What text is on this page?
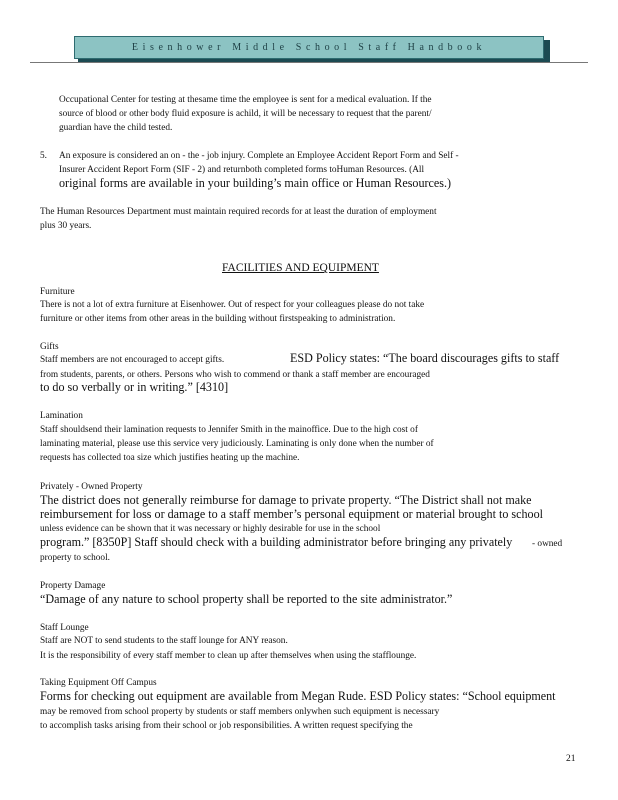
Eisenhower Middle School Staff Handbook
Occupational Center for testing at thesame time the employee is sent for a medical evaluation. If the
source of blood or other body fluid exposure is achild, it will be necessary to request that the parent/
guardian have the child tested.
5. An exposure is considered an on - the - job injury. Complete an Employee Accident Report Form and Self -
Insurer Accident Report Form (SIF - 2) and returnboth completed forms toHuman Resources. (All
original forms are available in your building’s main office or Human Resources.)
The Human Resources Department must maintain required records for at least the duration of employment
plus 30 years.
FACILITIES AND EQUIPMENT
Furniture
There is not a lot of extra furniture at Eisenhower. Out of respect for your colleagues please do not take
furniture or other items from other areas in the building without firstspeaking to administration.
Gifts
Staff members are not encouraged to accept gifts.	ESD Policy states: “The board discourages gifts to staff
from students, parents, or others. Persons who wish to commend or thank a staff member are encouraged
to do so verbally or in writing.” [4310]
Lamination
Staff shouldsend their lamination requests to Jennifer Smith in the mainoffice. Due to the high cost of
laminating material, please use this service very judiciously. Laminating is only done when the number of
requests has collected toa size which justifies heating up the machine.
Privately - Owned Property
The district does not generally reimburse for damage to private property. “The District shall not make
reimbursement for loss or damage to a staff member’s personal equipment or material brought to school
unless evidence can be shown that it was necessary or highly desirable for use in the school
program.” [8350P] Staff should check with a building administrator before bringing any privately - owned
property to school.
Property Damage
“Damage of any nature to school property shall be reported to the site administrator.”
Staff Lounge
Staff are NOT to send students to the staff lounge for ANY reason.
It is the responsibility of every staff member to clean up after themselves when using the stafflounge.
Taking Equipment Off Campus
Forms for checking out equipment are available from Megan Rude. ESD Policy states: “School equipment
may be removed from school property by students or staff members onlywhen such equipment is necessary
to accomplish tasks arising from their school or job responsibilities. A written request specifying the
21
